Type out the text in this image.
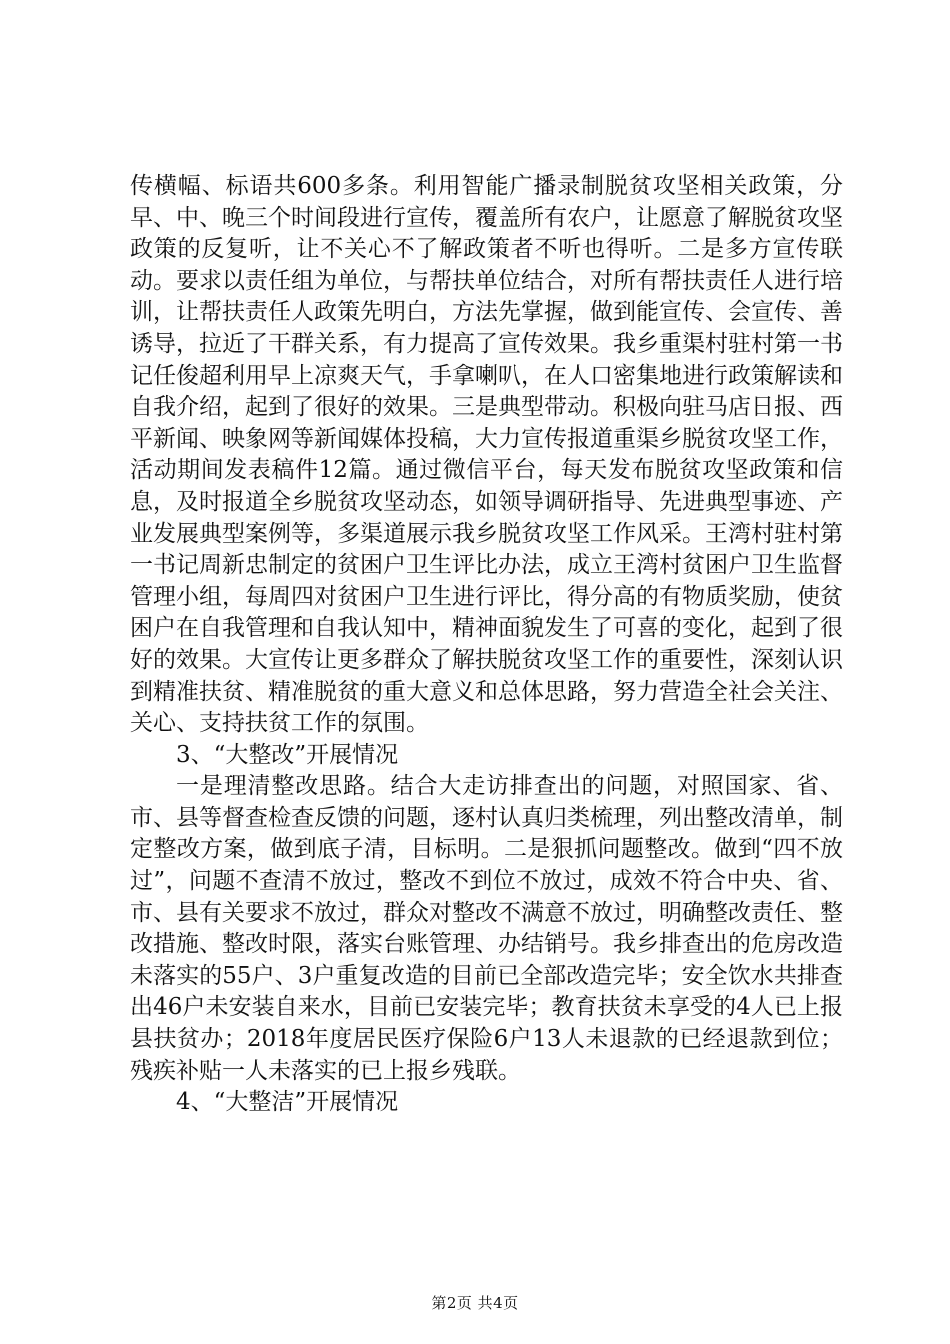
传横幅、标语共600多条。利用智能广播录制脱贫攻坚相关政策，分早、中、晚三个时间段进行宣传，覆盖所有农户，让愿意了解脱贫攻坚政策的反复听，让不关心不了解政策者不听也得听。二是多方宣传联动。要求以责任组为单位，与帮扶单位结合，对所有帮扶责任人进行培训，让帮扶责任人政策先明白，方法先掌握，做到能宣传、会宣传、善诱导，拉近了干群关系，有力提高了宣传效果。我乡重渠村驻村第一书记任俊超利用早上凉爽天气，手拿喇叭，在人口密集地进行政策解读和自我介绍，起到了很好的效果。三是典型带动。积极向驻马店日报、西平新闻、映象网等新闻媒体投稿，大力宣传报道重渠乡脱贫攻坚工作，活动期间发表稿件12篇。通过微信平台，每天发布脱贫攻坚政策和信息，及时报道全乡脱贫攻坚动态，如领导调研指导、先进典型事迹、产业发展典型案例等，多渠道展示我乡脱贫攻坚工作风采。王湾村驻村第一书记周新忠制定的贫困户卫生评比办法，成立王湾村贫困户卫生监督管理小组，每周四对贫困户卫生进行评比，得分高的有物质奖励，使贫困户在自我管理和自我认知中，精神面貌发生了可喜的变化，起到了很好的效果。大宣传让更多群众了解扶脱贫攻坚工作的重要性，深刻认识到精准扶贫、精准脱贫的重大意义和总体思路，努力营造全社会关注、关心、支持扶贫工作的氛围。

3、“大整改”开展情况

一是理清整改思路。结合大走访排查出的问题，对照国家、省、市、县等督查检查反馈的问题，逐村认真归类梳理，列出整改清单，制定整改方案，做到底子清，目标明。二是狠抓问题整改。做到“四不放过”，问题不查清不放过，整改不到位不放过，成效不符合中央、省、市、县有关要求不放过，群众对整改不满意不放过，明确整改责任、整改措施、整改时限，落实台账管理、办结销号。我乡排查出的危房改造未落实的55户、3户重复改造的目前已全部改造完毕；安全饮水共排查出46户未安装自来水，目前已安装完毕；教育扶贫未享受的4人已上报县扶贫办；2018年度居民医疗保险6户13人未退款的已经退款到位；残疾补贴一人未落实的已上报乡残联。

4、“大整洁”开展情况

第2页 共4页
